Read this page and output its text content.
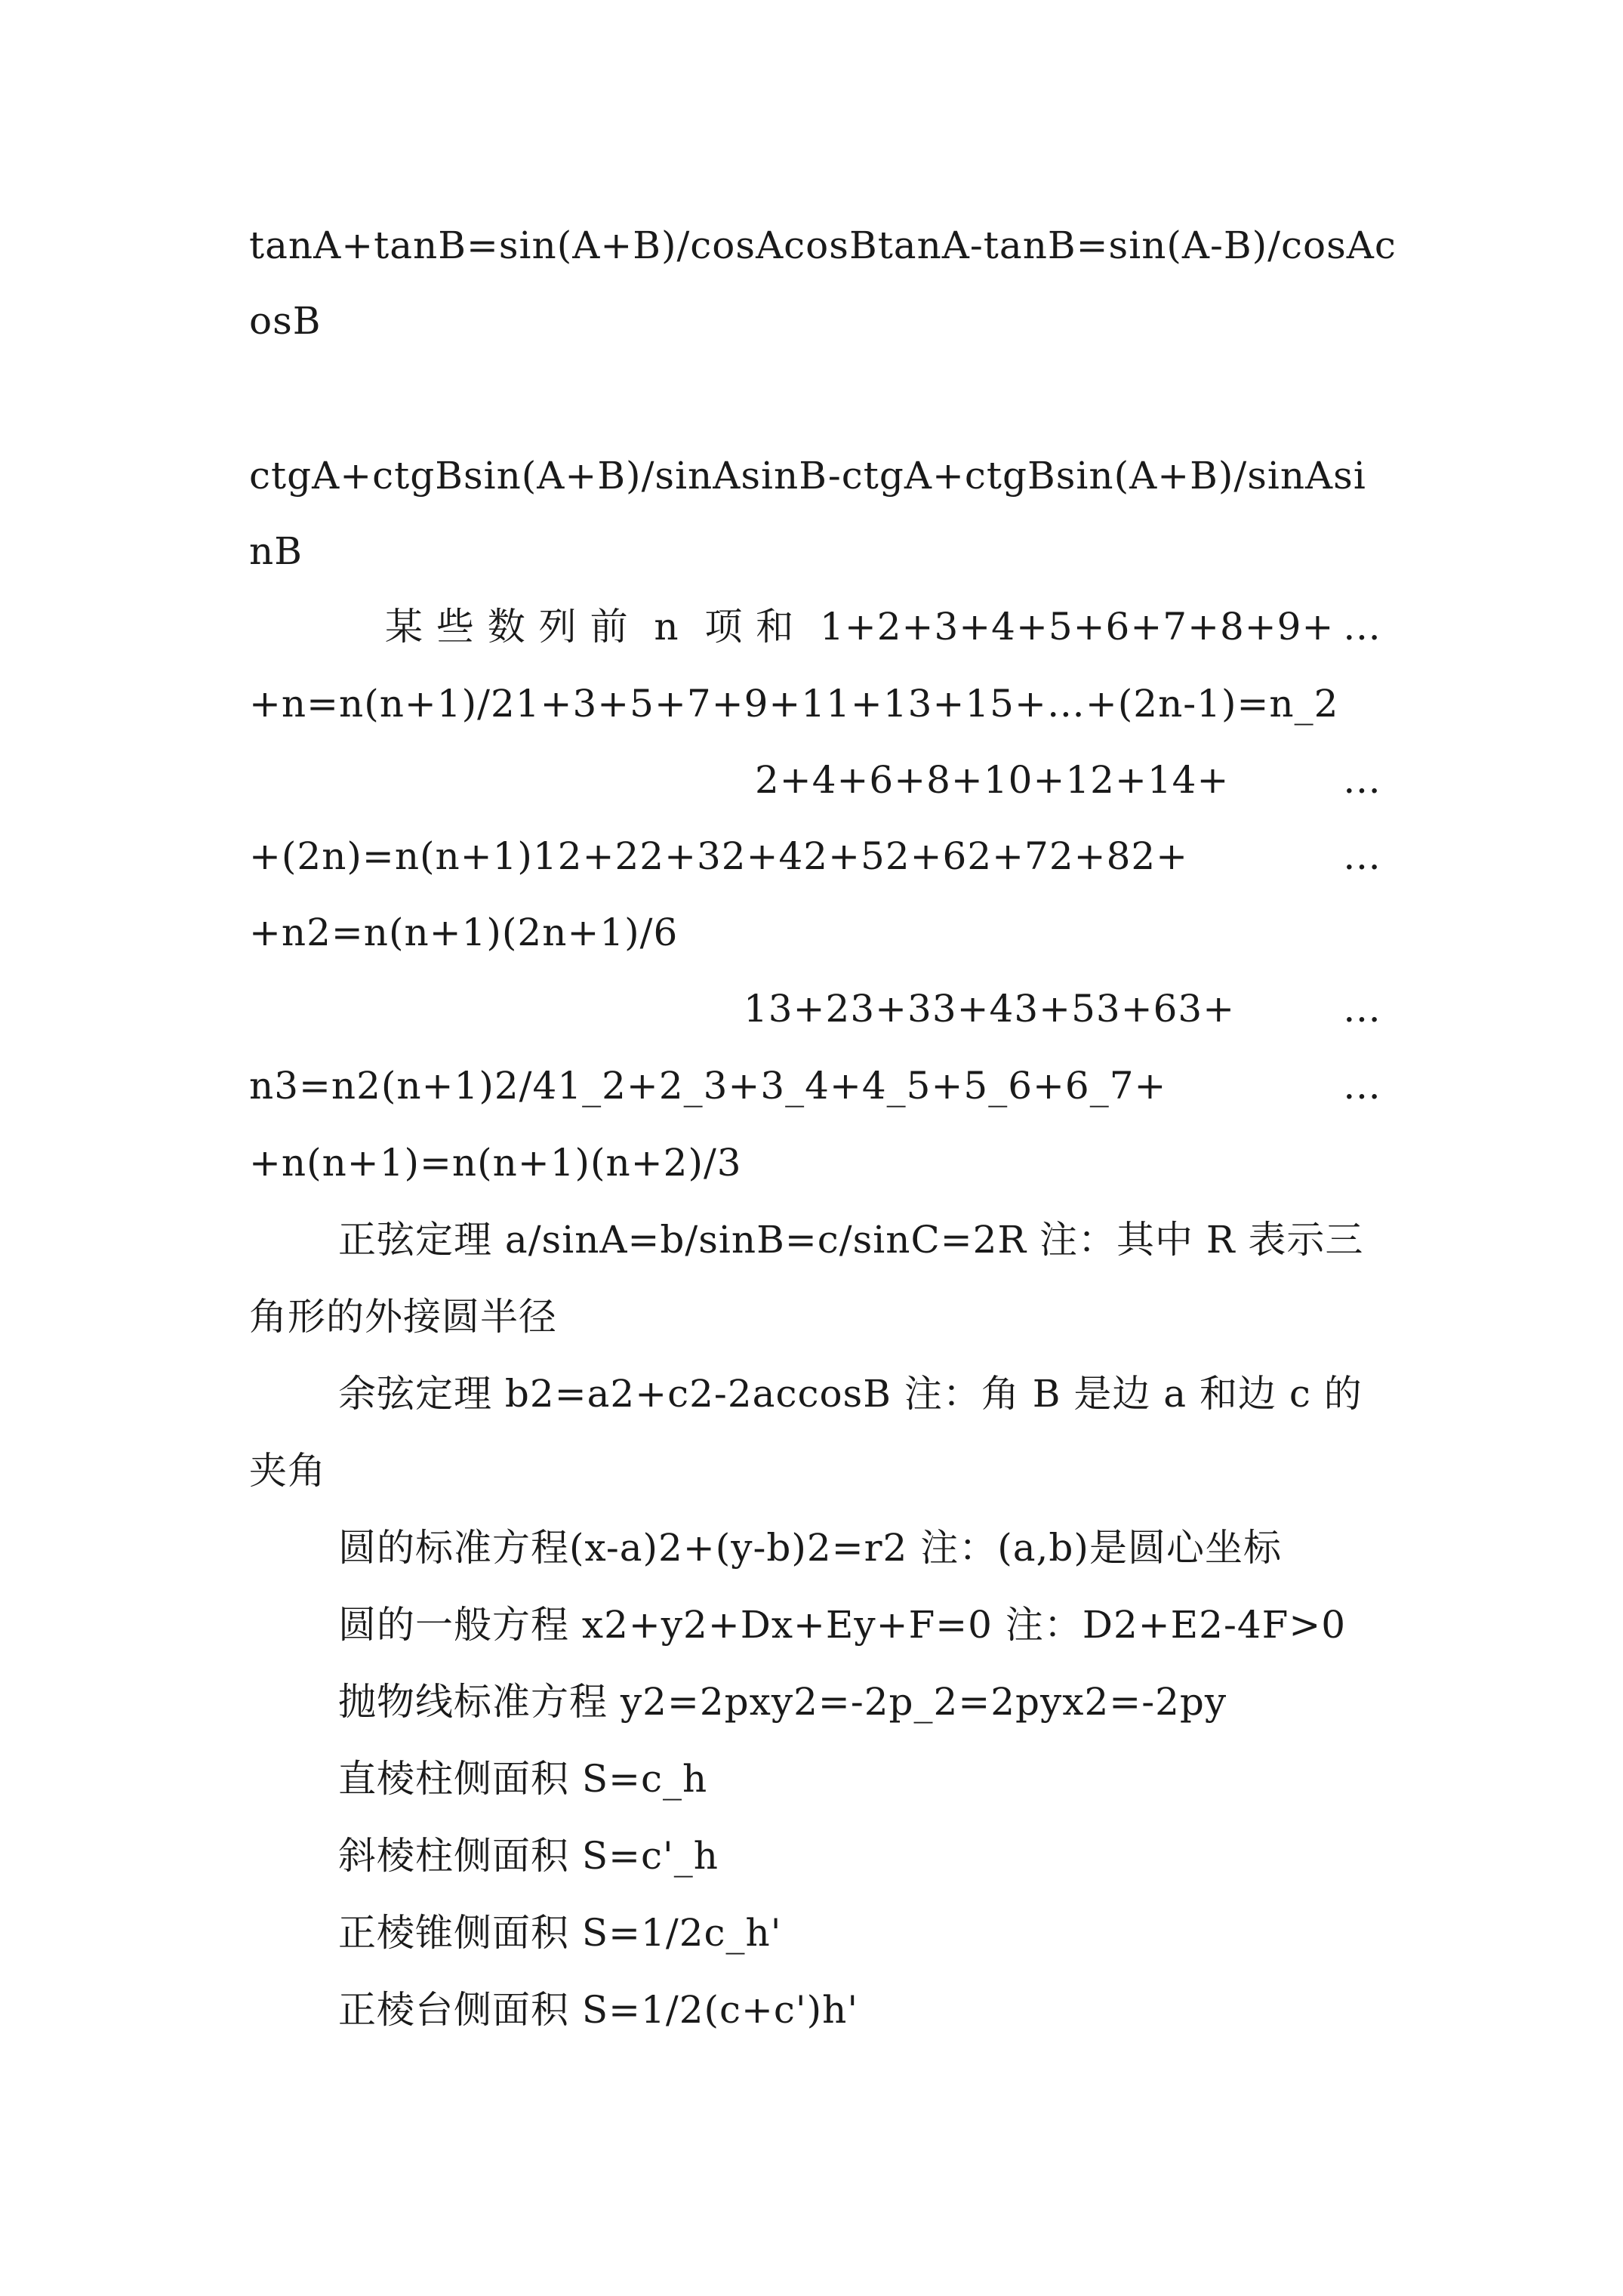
tanA+tanB=sin(A+B)/cosAcosBtanA-tanB=sin(A-B)/cosAc

osB

ctgA+ctgBsin(A+B)/sinAsinB-ctgA+ctgBsin(A+B)/sinAsi

nB

某 些 数 列 前  n  项 和  1+2+3+4+5+6+7+8+9+ …

+n=n(n+1)/21+3+5+7+9+11+13+15+…+(2n-1)=n_2

2+4+6+8+10+12+14+	…
+(2n)=n(n+1)12+22+32+42+52+62+72+82+	…

+n2=n(n+1)(2n+1)/6

13+23+33+43+53+63+	…
n3=n2(n+1)2/41_2+2_3+3_4+4_5+5_6+6_7+	…

+n(n+1)=n(n+1)(n+2)/3

正弦定理 a/sinA=b/sinB=c/sinC=2R 注：其中 R 表示三

角形的外接圆半径

余弦定理 b2=a2+c2-2accosB 注：角 B 是边 a 和边 c 的

夹角

圆的标准方程(x-a)2+(y-b)2=r2 注：(a,b)是圆心坐标

圆的一般方程 x2+y2+Dx+Ey+F=0 注：D2+E2-4F>0

抛物线标准方程 y2=2pxy2=-2p_2=2pyx2=-2py

直棱柱侧面积 S=c_h

斜棱柱侧面积 S=c'_h

正棱锥侧面积 S=1/2c_h'

正棱台侧面积 S=1/2(c+c')h'
